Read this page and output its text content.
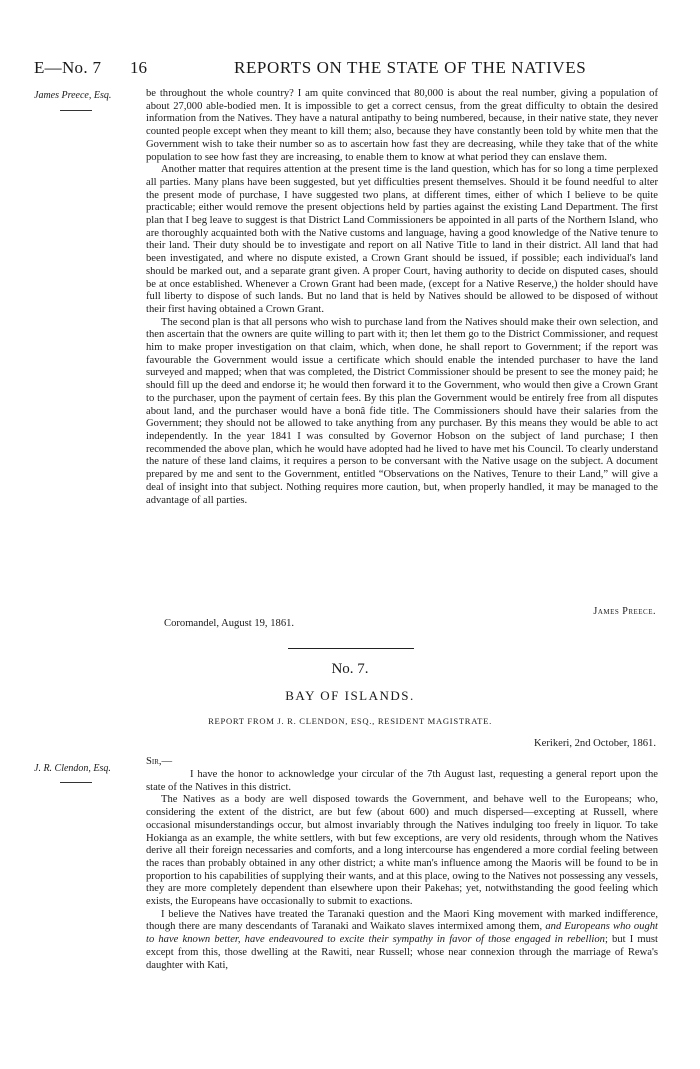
E—No. 7 16	REPORTS ON THE STATE OF THE NATIVES
James Preece, Esq.	be throughout the whole country? I am quite convinced that 80,000 is about the real number, giving a population of about 27,000 able-bodied men. It is impossible to get a correct census, from the great difficulty to obtain the desired information from the Natives. They have a natural antipathy to being numbered, because, in their native state, they never counted people except when they meant to kill them; also, because they have constantly been told by white men that the Government wish to take their number so as to ascertain how fast they are decreasing, while they take that of the white population to see how fast they are increasing, to enable them to know at what period they can enslave them.

Another matter that requires attention at the present time is the land question, which has for so long a time perplexed all parties. Many plans have been suggested, but yet difficulties present themselves. Should it be found needful to alter the present mode of purchase, I have suggested two plans, at different times, either of which I believe to be quite practicable; either would remove the present objections held by parties against the existing Land Department. The first plan that I beg leave to suggest is that District Land Commissioners be appointed in all parts of the Northern Island, who are thoroughly acquainted both with the Native customs and language, having a good knowledge of the Native tenure to their land. Their duty should be to investigate and report on all Native Title to land in their district. All land that had been investigated, and where no dispute existed, a Crown Grant should be issued, if possible; each individual's land should be marked out, and a separate grant given. A proper Court, having authority to decide on disputed cases, should be at once established. Whenever a Crown Grant had been made, (except for a Native Reserve,) the holder should have full liberty to dispose of such lands. But no land that is held by Natives should be allowed to be disposed of without their first having obtained a Crown Grant.

The second plan is that all persons who wish to purchase land from the Natives should make their own selection, and then ascertain that the owners are quite willing to part with it; then let them go to the District Commissioner, and request him to make proper investigation on that claim, which, when done, he shall report to Government; if the report was favourable the Government would issue a certificate which should enable the intended purchaser to have the land surveyed and mapped; when that was completed, the District Commissioner should be present to see the money paid; he should fill up the deed and endorse it; he would then forward it to the Government, who would then give a Crown Grant to the purchaser, upon the payment of certain fees. By this plan the Government would be entirely free from all disputes about land, and the purchaser would have a bonâ fide title. The Commissioners should have their salaries from the Government; they should not be allowed to take anything from any purchaser. By this means they would be able to act independently. In the year 1841 I was consulted by Governor Hobson on the subject of land purchase; I then recommended the above plan, which he would have adopted had he lived to have met his Council. To clearly understand the nature of these land claims, it requires a person to be conversant with the Native usage on the subject. A document prepared by me and sent to the Government, entitled “Observations on the Natives, Tenure to their Land,” will give a deal of insight into that subject. Nothing requires more caution, but, when properly handled, it may be managed to the advantage of all parties.

James Preece.
Coromandel, August 19, 1861.
No. 7.
BAY OF ISLANDS.
REPORT FROM J. R. CLENDON, ESQ., RESIDENT MAGISTRATE.
Kerikeri, 2nd October, 1861.
J. R. Clendon, Esq.
Sir,—

I have the honor to acknowledge your circular of the 7th August last, requesting a general report upon the state of the Natives in this district.

The Natives as a body are well disposed towards the Government, and behave well to the Europeans; who, considering the extent of the district, are but few (about 600) and much dispersed—excepting at Russell, where occasional misunderstandings occur, but almost invariably through the Natives indulging too freely in liquor. To take Hokianga as an example, the white settlers, with but few exceptions, are very old residents, through whom the Natives derive all their foreign necessaries and comforts, and a long intercourse has engendered a more cordial feeling between the races than probably obtained in any other district; a white man's influence among the Maoris will be found to be in proportion to his capabilities of supplying their wants, and at this place, owing to the Natives not possessing any vessels, they are more completely dependent than elsewhere upon their Pakehas; yet, notwithstanding the good feeling which exists, the Europeans have occasionally to submit to exactions.

I believe the Natives have treated the Taranaki question and the Maori King movement with marked indifference, though there are many descendants of Taranaki and Waikato slaves intermixed among them, and Europeans who ought to have known better, have endeavoured to excite their sympathy in favor of those engaged in rebellion; but I must except from this, those dwelling at the Rawiti, near Russell; whose near connexion through the marriage of Rewa's daughter with Kati,
